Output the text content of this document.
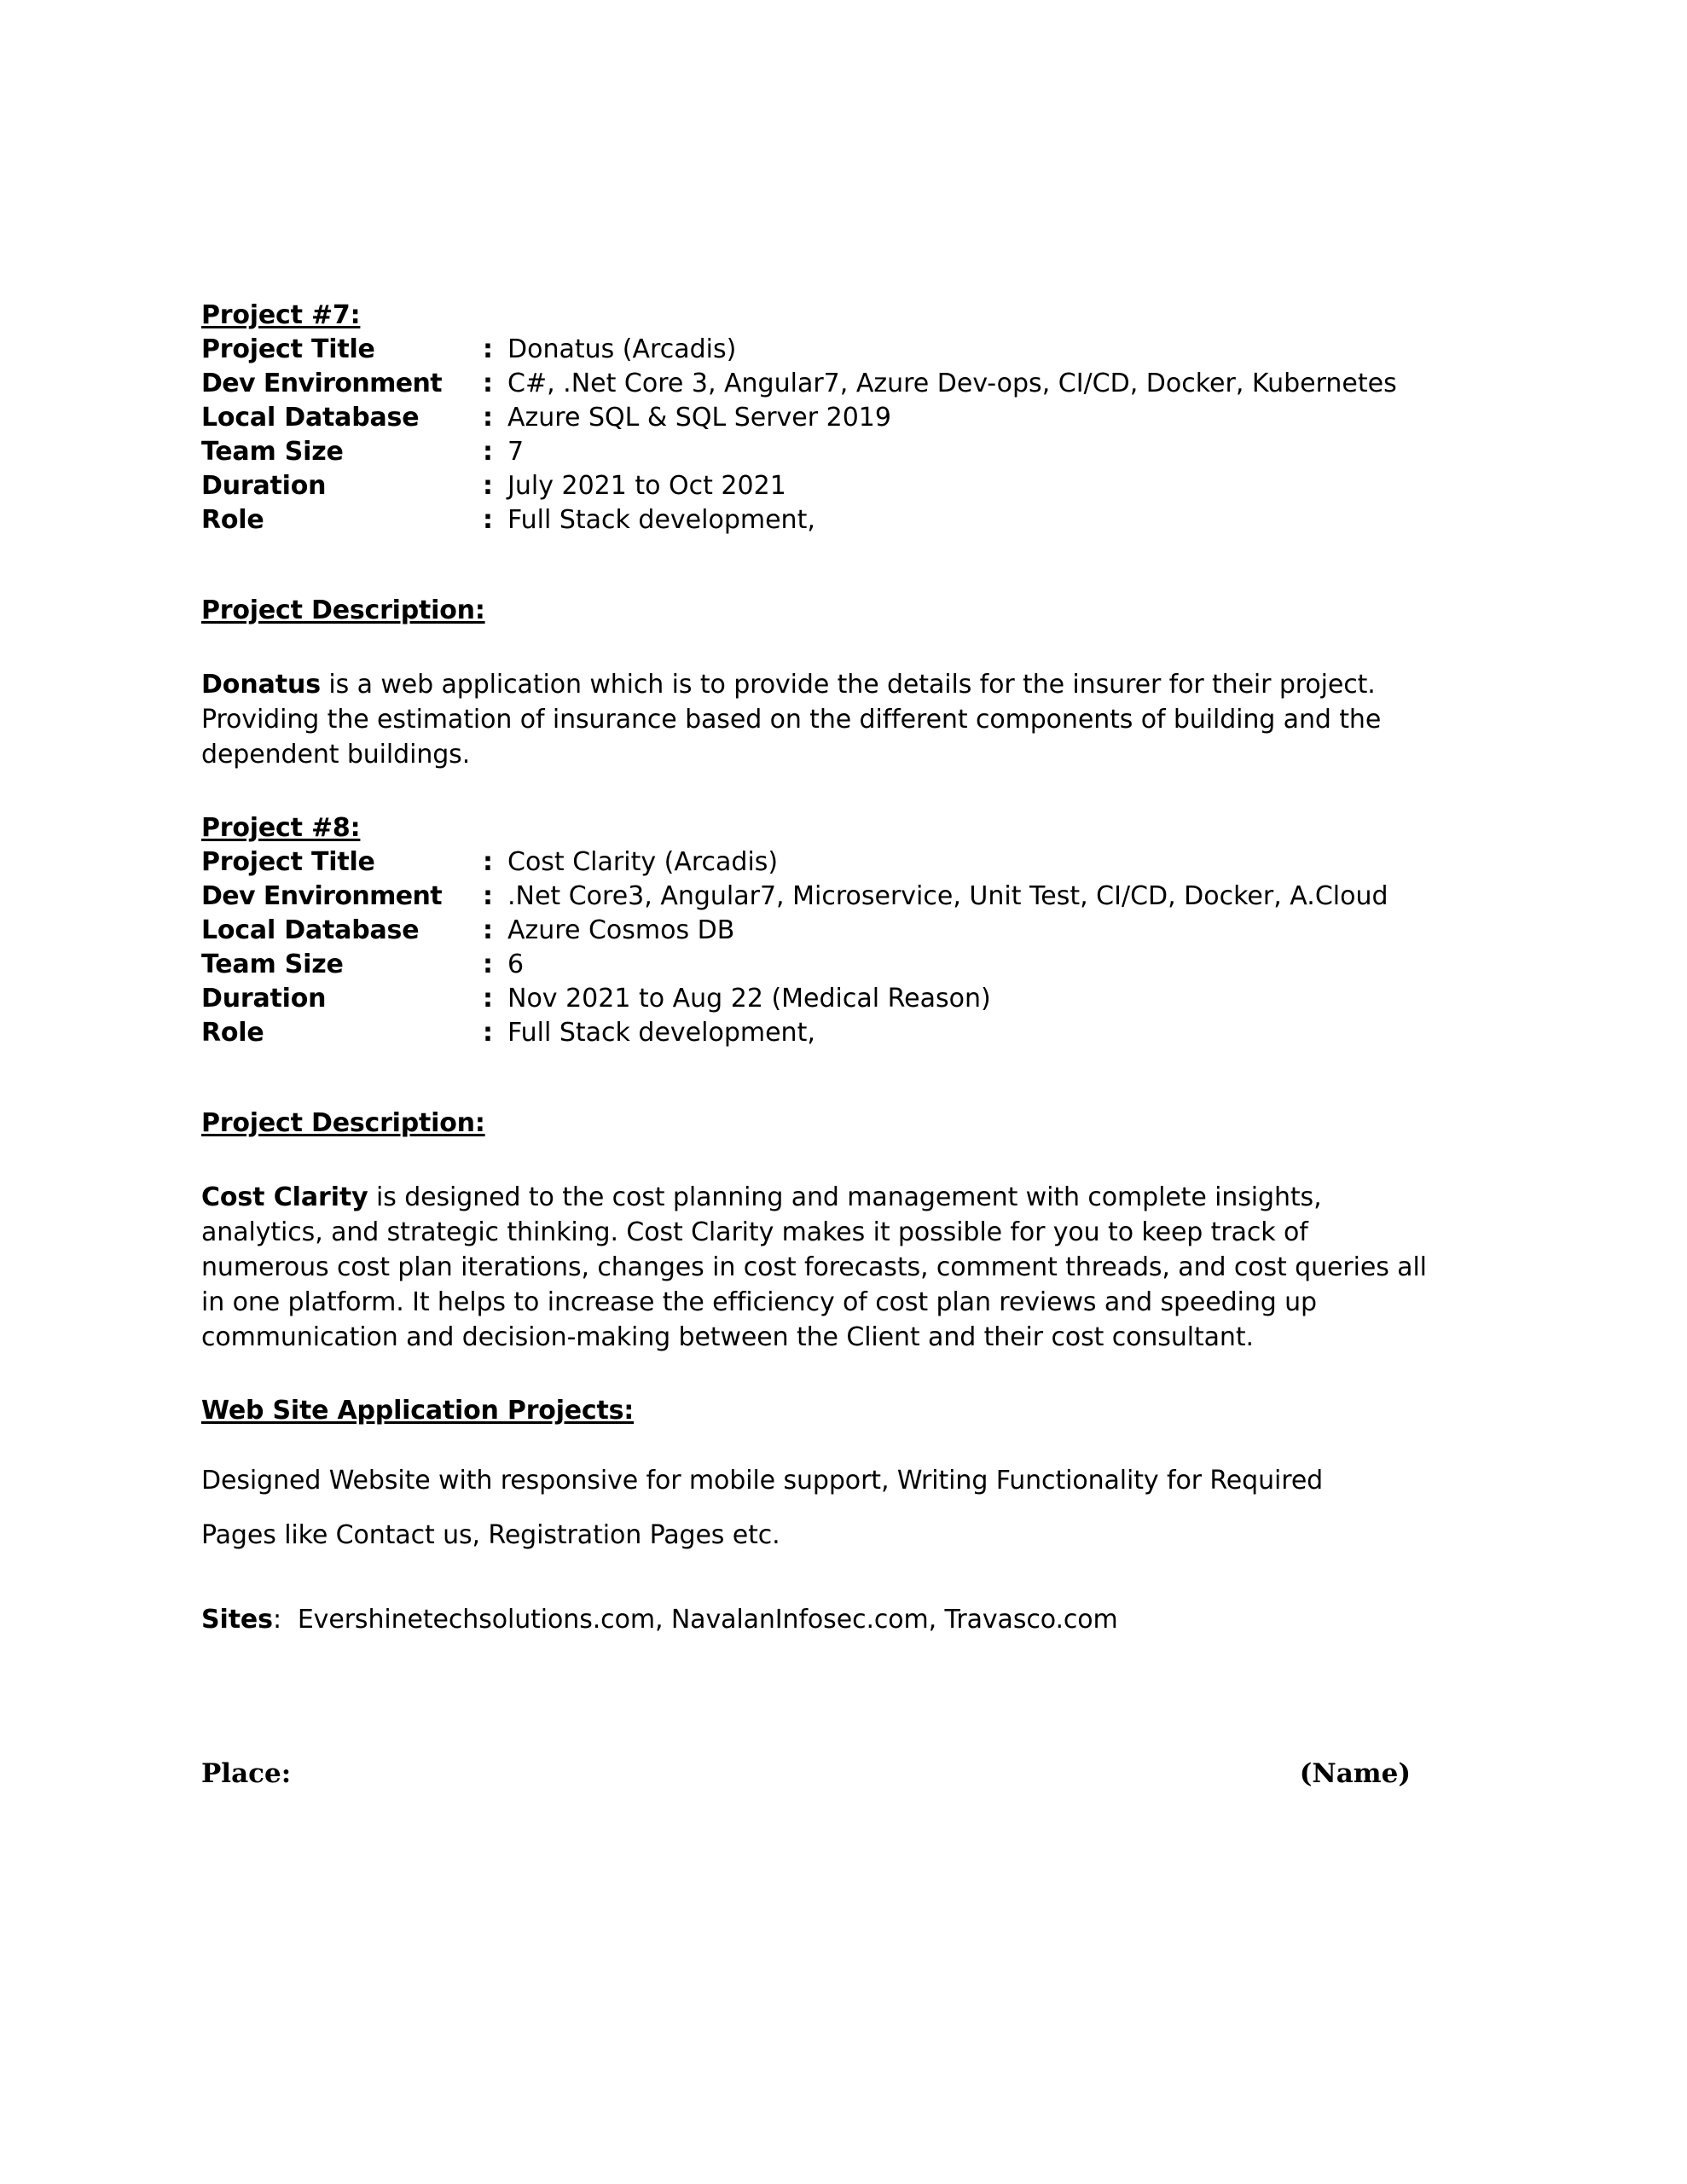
Project #7:
Project Title	:	Donatus (Arcadis)
Dev Environment	:	C#, .Net Core 3, Angular7, Azure Dev-ops, CI/CD, Docker, Kubernetes
Local Database	:	Azure SQL & SQL Server 2019
Team Size	:	7
Duration	:	July 2021 to Oct 2021
Role	:	Full Stack development,
Project Description:

Donatus is a web application which is to provide the details for the insurer for their project. Providing the estimation of insurance based on the different components of building and the dependent buildings.

Project #8:
Project Title	:	Cost Clarity (Arcadis)
Dev Environment	:	.Net Core3, Angular7, Microservice, Unit Test, CI/CD, Docker, A.Cloud
Local Database	:	Azure Cosmos DB
Team Size	:	6
Duration	:	Nov 2021 to Aug 22 (Medical Reason)
Role	:	Full Stack development,
Project Description:

Cost Clarity is designed to the cost planning and management with complete insights, analytics, and strategic thinking. Cost Clarity makes it possible for you to keep track of numerous cost plan iterations, changes in cost forecasts, comment threads, and cost queries all in one platform. It helps to increase the efficiency of cost plan reviews and speeding up communication and decision-making between the Client and their cost consultant.

Web Site Application Projects:

Designed Website with responsive for mobile support, Writing Functionality for Required

Pages like Contact us, Registration Pages etc.

Sites: Evershinetechsolutions.com, NavalanInfosec.com, Travasco.com

Place:	(Name)
